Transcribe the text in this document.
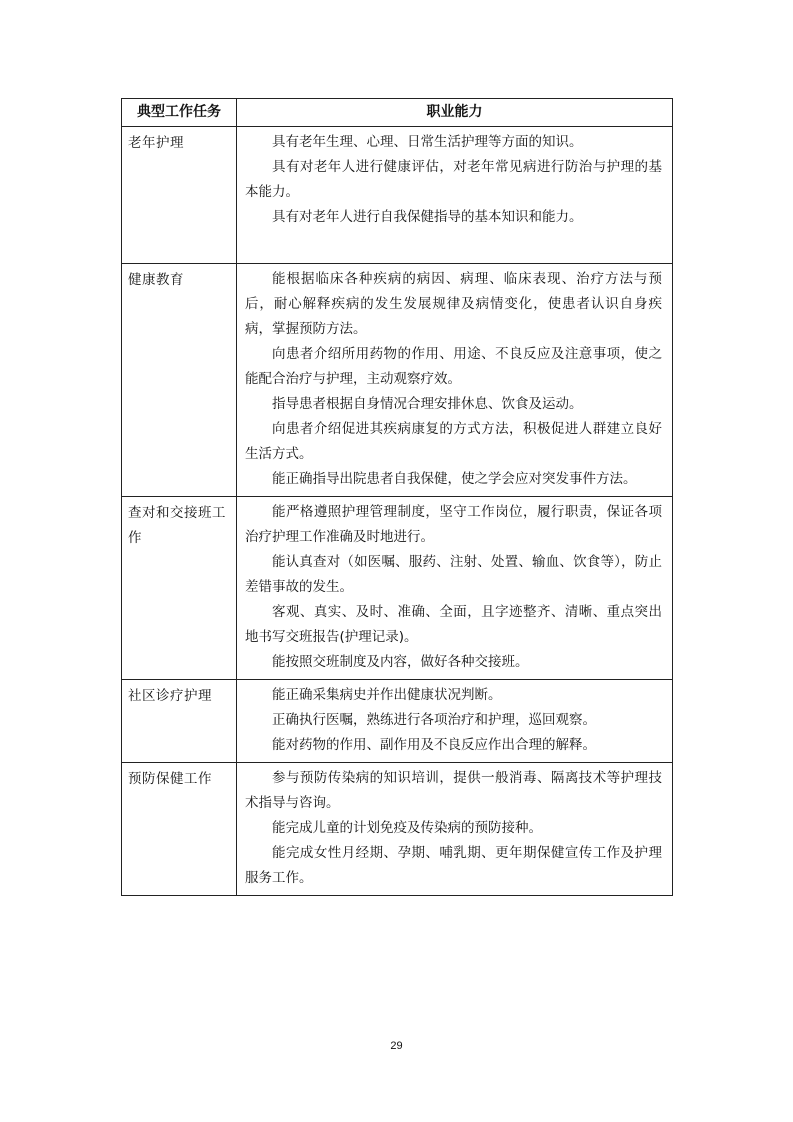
典型工作任务	职业能力

老年护理	具有老年生理、心理、日常生活护理等方面的知识。

具有对老年人进行健康评估，对老年常见病进行防治与护理的基本能力。

具有对老年人进行自我保健指导的基本知识和能力。

健康教育	能根据临床各种疾病的病因、病理、临床表现、治疗方法与预后，耐心解释疾病的发生发展规律及病情变化，使患者认识自身疾病，掌握预防方法。

向患者介绍所用药物的作用、用途、不良反应及注意事项，使之能配合治疗与护理，主动观察疗效。

指导患者根据自身情况合理安排休息、饮食及运动。

向患者介绍促进其疾病康复的方式方法，积极促进人群建立良好生活方式。

能正确指导出院患者自我保健，使之学会应对突发事件方法。

查对和交接班工作	能严格遵照护理管理制度，坚守工作岗位，履行职责，保证各项治疗护理工作准确及时地进行。

能认真查对（如医嘱、服药、注射、处置、输血、饮食等），防止差错事故的发生。

客观、真实、及时、准确、全面，且字迹整齐、清晰、重点突出地书写交班报告(护理记录)。

能按照交班制度及内容，做好各种交接班。

社区诊疗护理	能正确采集病史并作出健康状况判断。

正确执行医嘱，熟练进行各项治疗和护理，巡回观察。

能对药物的作用、副作用及不良反应作出合理的解释。

预防保健工作	参与预防传染病的知识培训，提供一般消毒、隔离技术等护理技术指导与咨询。

能完成儿童的计划免疫及传染病的预防接种。

能完成女性月经期、孕期、哺乳期、更年期保健宣传工作及护理服务工作。

29
